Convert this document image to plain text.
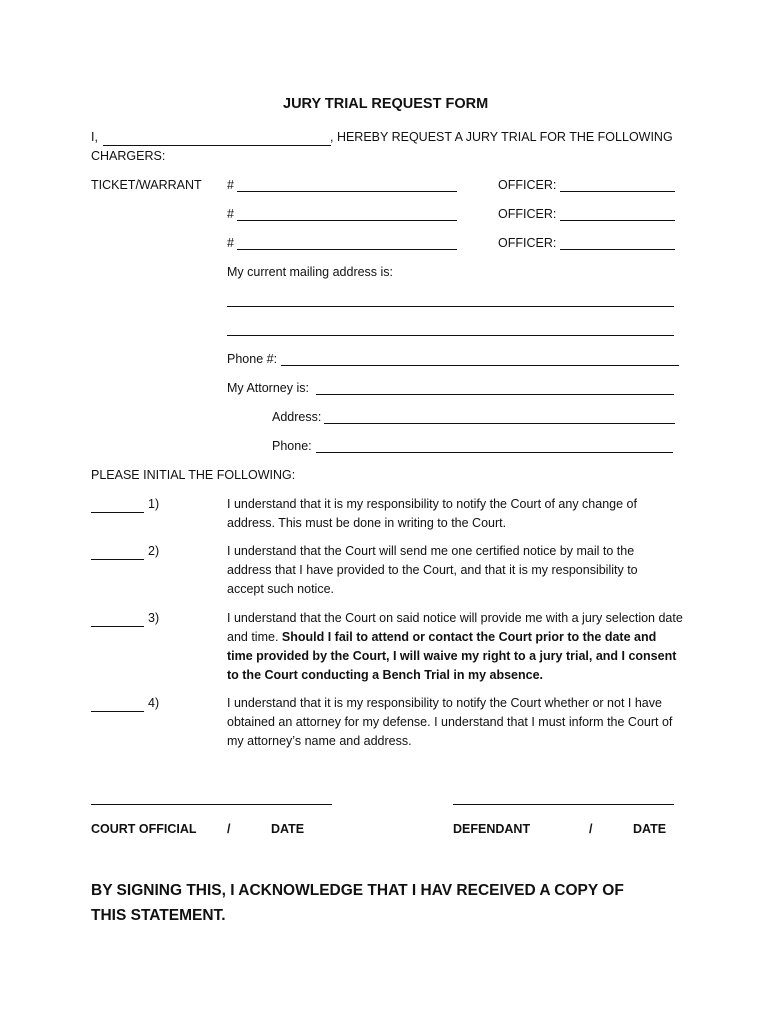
JURY TRIAL REQUEST FORM
I,	, HEREBY REQUEST A JURY TRIAL FOR THE FOLLOWING
CHARGERS:
TICKET/WARRANT #	OFFICER:
#	OFFICER:
#	OFFICER:
My current mailing address is:
Phone #:
My Attorney is:
Address:
Phone:
PLEASE INITIAL THE FOLLOWING:
1)	I understand that it is my responsibility to notify the Court of any change of address. This must be done in writing to the Court.
2)	I understand that the Court will send me one certified notice by mail to the address that I have provided to the Court, and that it is my responsibility to accept such notice.
3)	I understand that the Court on said notice will provide me with a jury selection date and time. Should I fail to attend or contact the Court prior to the date and time provided by the Court, I will waive my right to a jury trial, and I consent to the Court conducting a Bench Trial in my absence.
4)	I understand that it is my responsibility to notify the Court whether or not I have obtained an attorney for my defense. I understand that I must inform the Court of my attorney’s name and address.
COURT OFFICIAL /	DATE	DEFENDANT	/	DATE
BY SIGNING THIS, I ACKNOWLEDGE THAT I HAV RECEIVED A COPY OF THIS STATEMENT.
